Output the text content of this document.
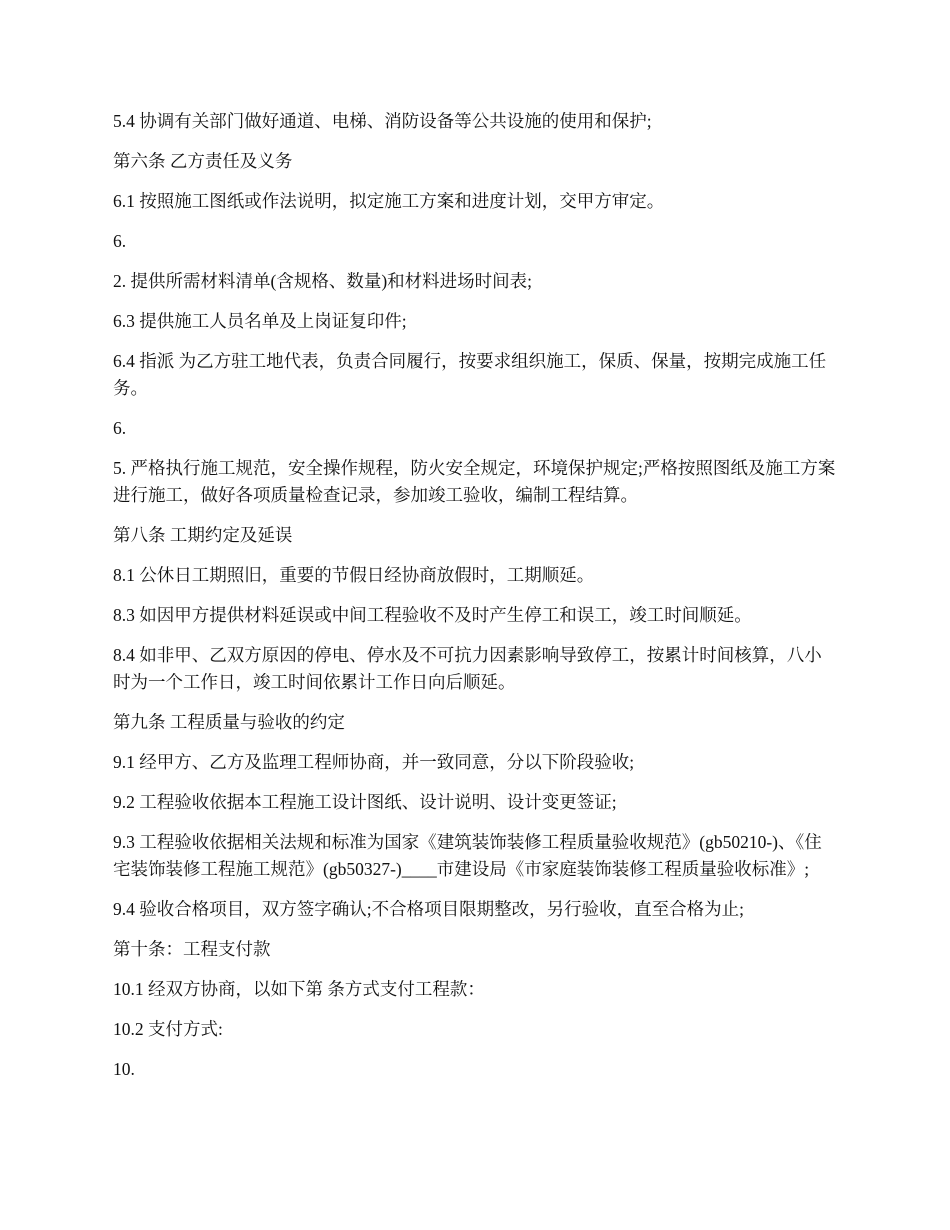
5.4 协调有关部门做好通道、电梯、消防设备等公共设施的使用和保护;

第六条 乙方责任及义务

6.1 按照施工图纸或作法说明，拟定施工方案和进度计划，交甲方审定。

6.

2. 提供所需材料清单(含规格、数量)和材料进场时间表;

6.3 提供施工人员名单及上岗证复印件;

6.4 指派 为乙方驻工地代表，负责合同履行，按要求组织施工，保质、保量，按期完成施工任务。

6.

5. 严格执行施工规范，安全操作规程，防火安全规定，环境保护规定;严格按照图纸及施工方案进行施工，做好各项质量检查记录，参加竣工验收，编制工程结算。

第八条 工期约定及延误

8.1 公休日工期照旧，重要的节假日经协商放假时，工期顺延。

8.3 如因甲方提供材料延误或中间工程验收不及时产生停工和误工，竣工时间顺延。

8.4 如非甲、乙双方原因的停电、停水及不可抗力因素影响导致停工，按累计时间核算，八小时为一个工作日，竣工时间依累计工作日向后顺延。

第九条 工程质量与验收的约定

9.1 经甲方、乙方及监理工程师协商，并一致同意，分以下阶段验收;

9.2 工程验收依据本工程施工设计图纸、设计说明、设计变更签证;

9.3 工程验收依据相关法规和标准为国家《建筑装饰装修工程质量验收规范》(gb50210-)、《住宅装饰装修工程施工规范》(gb50327-)____市建设局《市家庭装饰装修工程质量验收标准》;

9.4 验收合格项目，双方签字确认;不合格项目限期整改，另行验收，直至合格为止;

第十条：工程支付款

10.1 经双方协商，以如下第 条方式支付工程款：

10.2 支付方式:

10.
